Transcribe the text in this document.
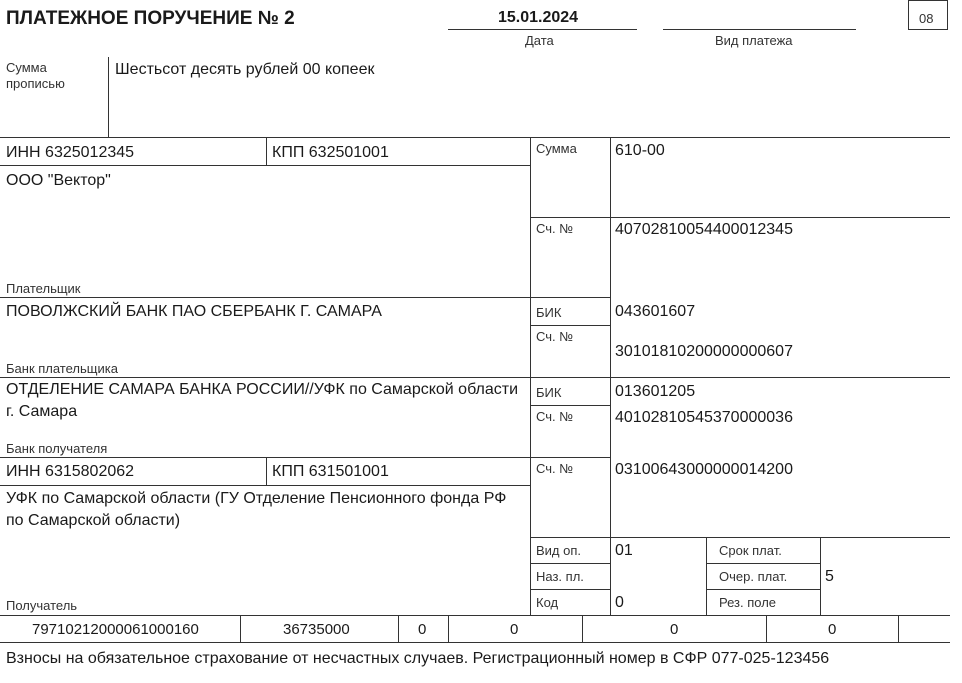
ПЛАТЕЖНОЕ ПОРУЧЕНИЕ № 2	15.01.2024
Дата	Вид платежа
08
Сумма
прописью
Шестьсот десять рублей 00 копеек
ИНН 6325012345	КПП 632501001
ООО "Вектор"
Плательщик
Сумма 610-00
Сч. №	40702810054400012345
ПОВОЛЖСКИЙ БАНК ПАО СБЕРБАНК Г. САМАРА
Банк плательщика
БИК	043601607
Сч. №
30101810200000000607
ОТДЕЛЕНИЕ САМАРА БАНКА РОССИИ//УФК по Самарской области г. Самара
Банк получателя
БИК	013601205
Сч. №	40102810545370000036
ИНН 6315802062	КПП 631501001
УФК по Самарской области (ГУ Отделение Пенсионного фонда РФ по Самарской области)
Получатель
Сч. №	03100643000000014200
Вид оп. 01
Наз. пл.
Код	0
Срок плат.
Очер. плат. 5
Рез. поле
79710212000061000160	36735000	0	0	0	0
Взносы на обязательное страхование от несчастных случаев. Регистрационный номер в СФР 077-025-123456
